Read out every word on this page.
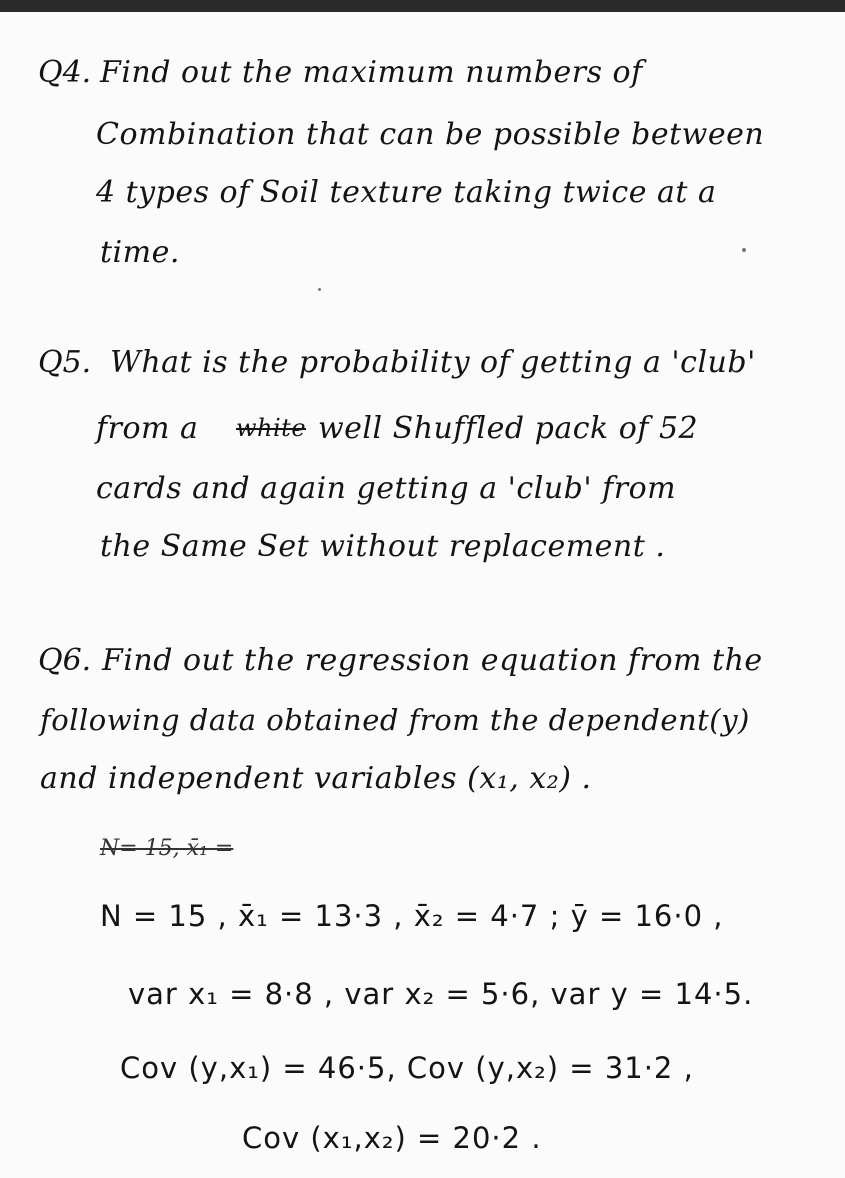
Q4. Find out the maximum numbers of
Combination that can be possible between
4 types of Soil texture taking twice at a
time.
Q5. What is the probability of getting a 'club'
from a white well Shuffled pack of 52
cards and again getting a 'club' from
the Same Set without replacement .
Q6. Find out the regression equation from the
following data obtained from the dependent(y)
and independent variables (x₁, x₂) .
N= 15, x̄₁ =
N = 15 , x̄₁ = 13·3 , x̄₂ = 4·7 ; ȳ = 16·0 ,
var x₁ = 8·8 , var x₂ = 5·6, var y = 14·5.
Cov (y,x₁) = 46·5, Cov (y,x₂) = 31·2 ,
Cov (x₁,x₂) = 20·2 .
